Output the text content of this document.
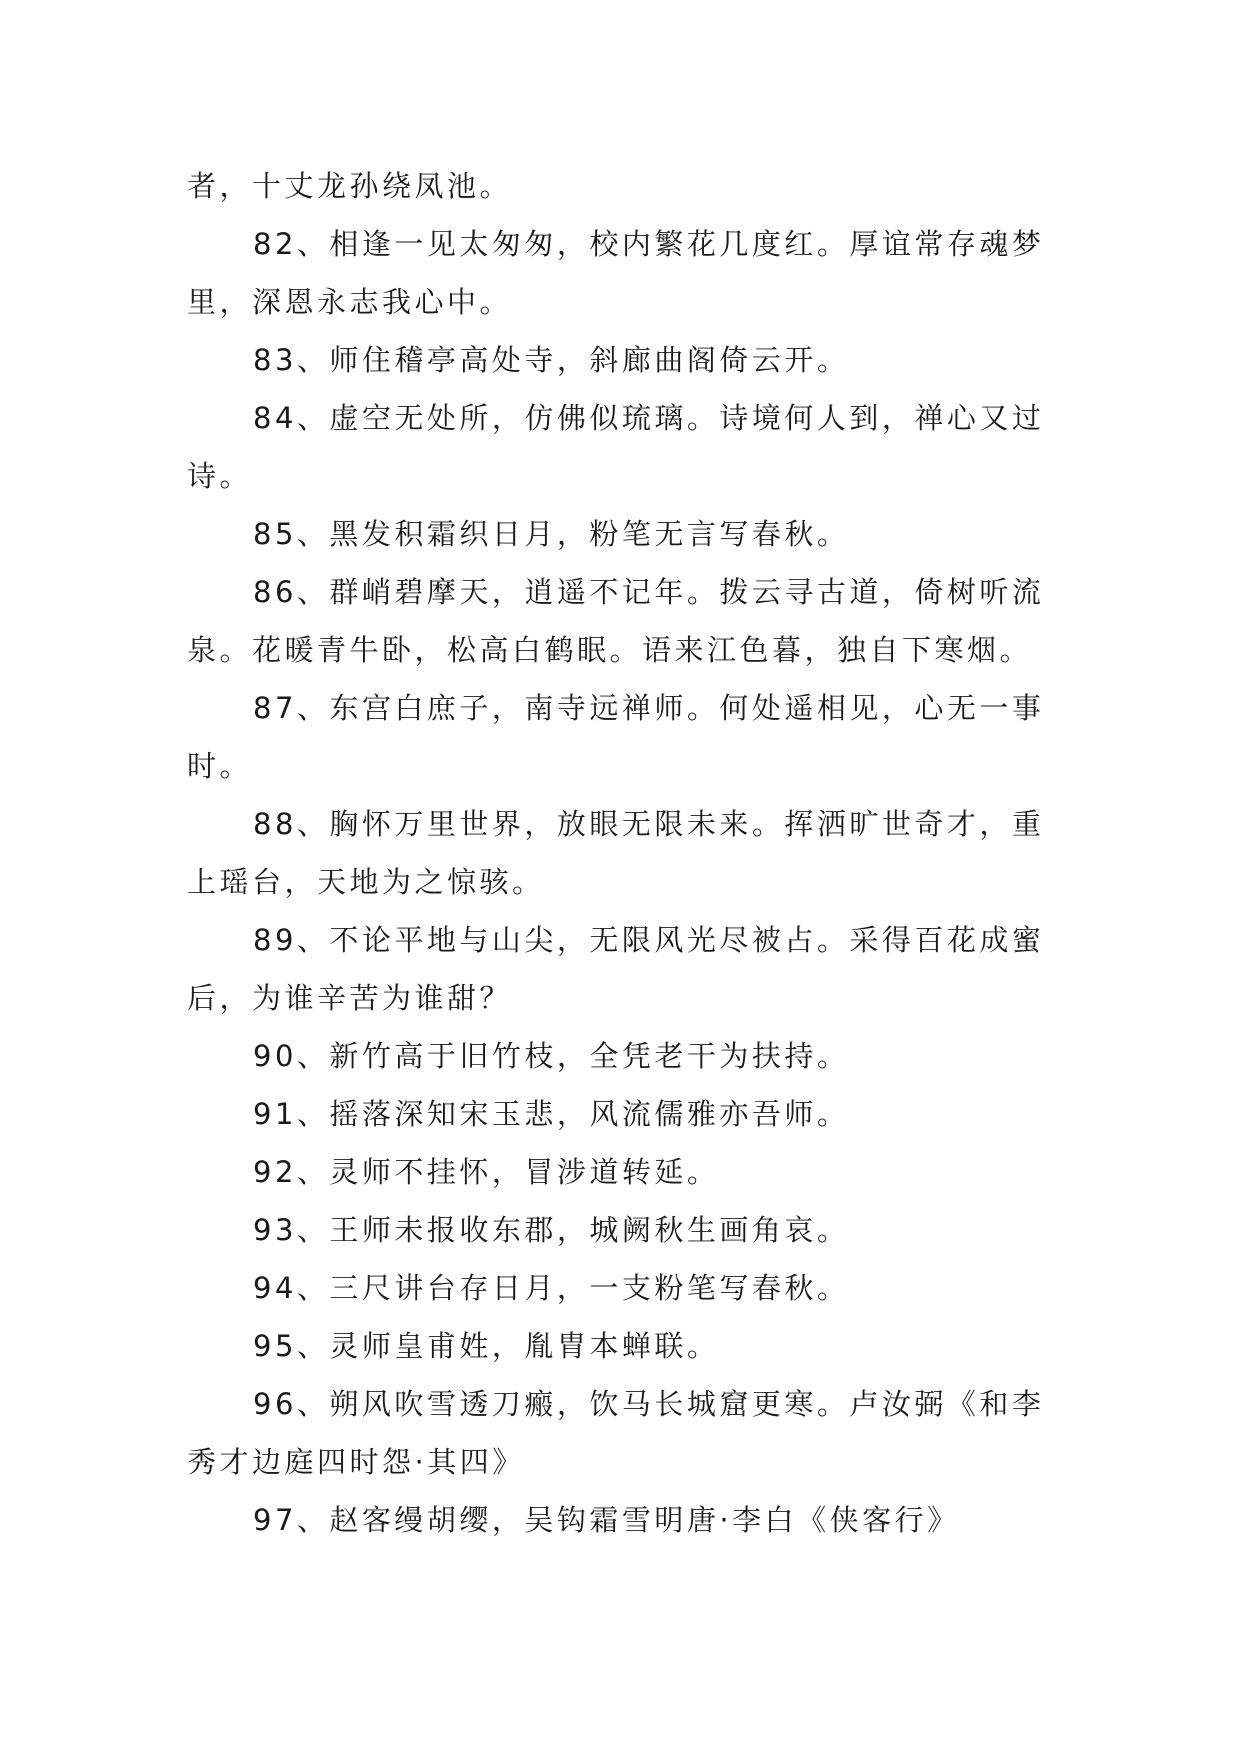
者，十丈龙孙绕凤池。

82、相逢一见太匆匆，校内繁花几度红。厚谊常存魂梦
里，深恩永志我心中。

83、师住稽亭高处寺，斜廊曲阁倚云开。

84、虚空无处所，仿佛似琉璃。诗境何人到，禅心又过
诗。

85、黑发积霜织日月，粉笔无言写春秋。

86、群峭碧摩天，逍遥不记年。拨云寻古道，倚树听流
泉。花暖青牛卧，松高白鹤眠。语来江色暮，独自下寒烟。

87、东宫白庶子，南寺远禅师。何处遥相见，心无一事
时。

88、胸怀万里世界，放眼无限未来。挥洒旷世奇才，重
上瑶台，天地为之惊骇。

89、不论平地与山尖，无限风光尽被占。采得百花成蜜
后，为谁辛苦为谁甜？

90、新竹高于旧竹枝，全凭老干为扶持。

91、摇落深知宋玉悲，风流儒雅亦吾师。

92、灵师不挂怀，冒涉道转延。

93、王师未报收东郡，城阙秋生画角哀。

94、三尺讲台存日月，一支粉笔写春秋。

95、灵师皇甫姓，胤胄本蝉联。

96、朔风吹雪透刀瘢，饮马长城窟更寒。卢汝弼《和李
秀才边庭四时怨·其四》

97、赵客缦胡缨，吴钩霜雪明唐·李白《侠客行》
